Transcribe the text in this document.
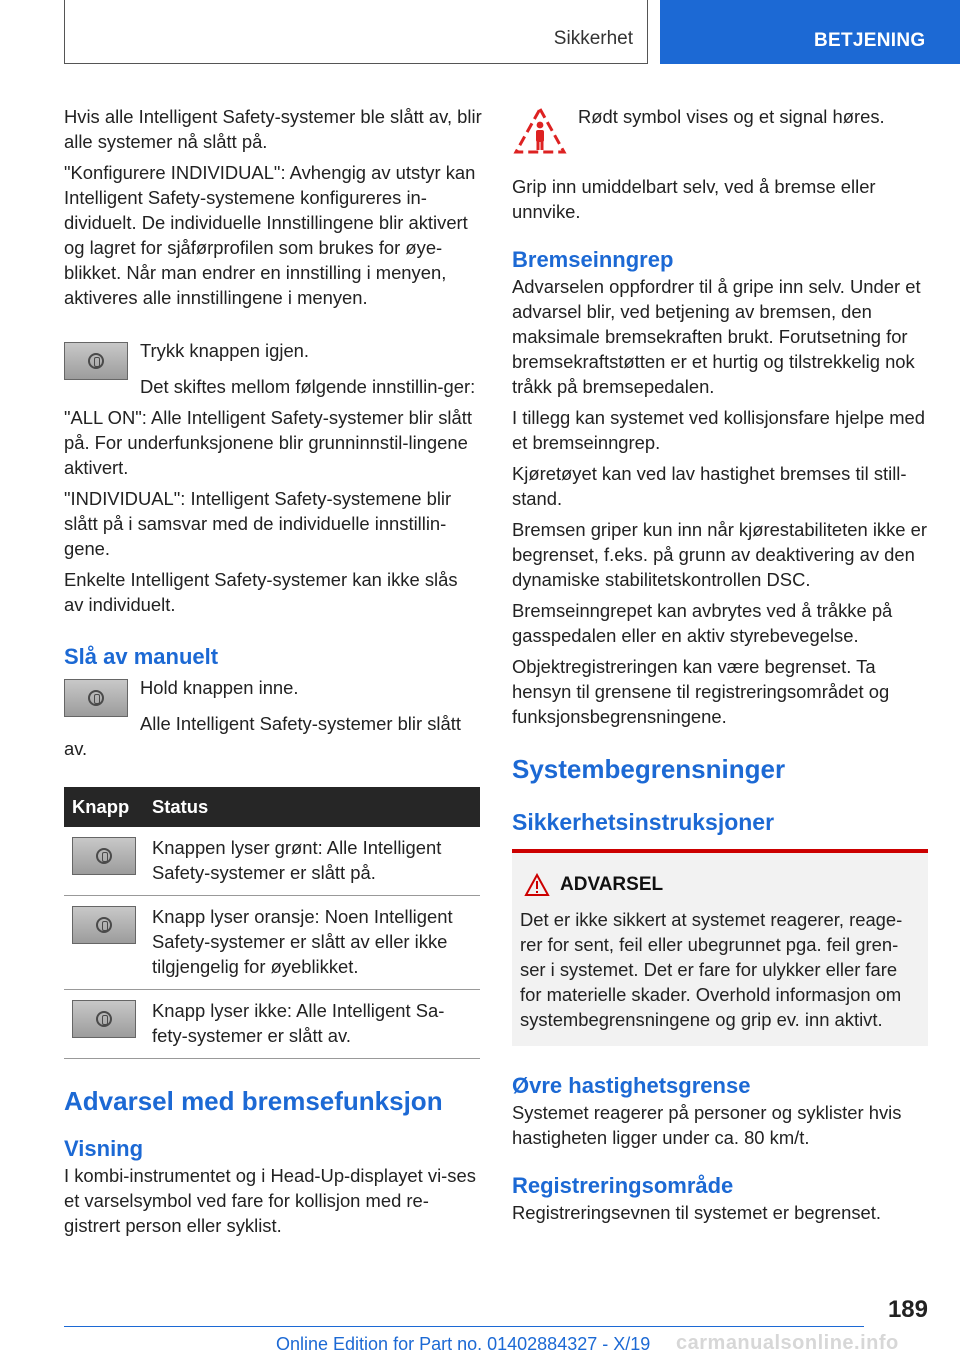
Sikkerhet	BETJENING

Hvis alle Intelligent Safety-systemer ble slått av, blir alle systemer nå slått på.

"Konfigurere INDIVIDUAL": Avhengig av utstyr kan Intelligent Safety-systemene konfigureres in-dividuelt. De individuelle Innstillingene blir aktivert og lagret for sjåførprofilen som brukes for øye-blikket. Når man endrer en innstilling i menyen, aktiveres alle innstillingene i menyen.

Trykk knappen igjen.

Det skiftes mellom følgende innstillin-ger:

"ALL ON": Alle Intelligent Safety-systemer blir slått på. For underfunksjonene blir grunninnstil-lingene aktivert.

"INDIVIDUAL": Intelligent Safety-systemene blir slått på i samsvar med de individuelle innstillin-gene.

Enkelte Intelligent Safety-systemer kan ikke slås av individuelt.

Slå av manuelt

Hold knappen inne.

Alle Intelligent Safety-systemer blir slått av.

Knapp	Status

	Knappen lyser grønt: Alle Intelligent Safety-systemer er slått på.

	Knapp lyser oransje: Noen Intelligent Safety-systemer er slått av eller ikke tilgjengelig for øyeblikket.

	Knapp lyser ikke: Alle Intelligent Sa-fety-systemer er slått av.
Advarsel med bremsefunksjon
Visning

I kombi-instrumentet og i Head-Up-displayet vi-ses et varselsymbol ved fare for kollisjon med re-gistrert person eller syklist.

Rødt symbol vises og et signal høres.

Grip inn umiddelbart selv, ved å bremse eller unnvike.

Bremseinngrep

Advarselen oppfordrer til å gripe inn selv. Under et advarsel blir, ved betjening av bremsen, den maksimale bremsekraften brukt. Forutsetning for bremsekraftstøtten er et hurtig og tilstrekkelig nok tråkk på bremsepedalen.

I tillegg kan systemet ved kollisjonsfare hjelpe med et bremseinngrep.

Kjøretøyet kan ved lav hastighet bremses til still-stand.

Bremsen griper kun inn når kjørestabiliteten ikke er begrenset, f.eks. på grunn av deaktivering av den dynamiske stabilitetskontrollen DSC.

Bremseinngrepet kan avbrytes ved å tråkke på gasspedalen eller en aktiv styrebevegelse.

Objektregistreringen kan være begrenset. Ta hensyn til grensene til registreringsområdet og funksjonsbegrensningene.

Systembegrensninger
Sikkerhetsinstruksjoner
ADVARSEL

Det er ikke sikkert at systemet reagerer, reage-rer for sent, feil eller ubegrunnet pga. feil gren-ser i systemet. Det er fare for ulykker eller fare for materielle skader. Overhold informasjon om systembegrensningene og grip ev. inn aktivt.

Øvre hastighetsgrense

Systemet reagerer på personer og syklister hvis hastigheten ligger under ca. 80 km/t.

Registreringsområde

Registreringsevnen til systemet er begrenset.

189
Online Edition for Part no. 01402884327 - X/19 carmanualsonline.info
